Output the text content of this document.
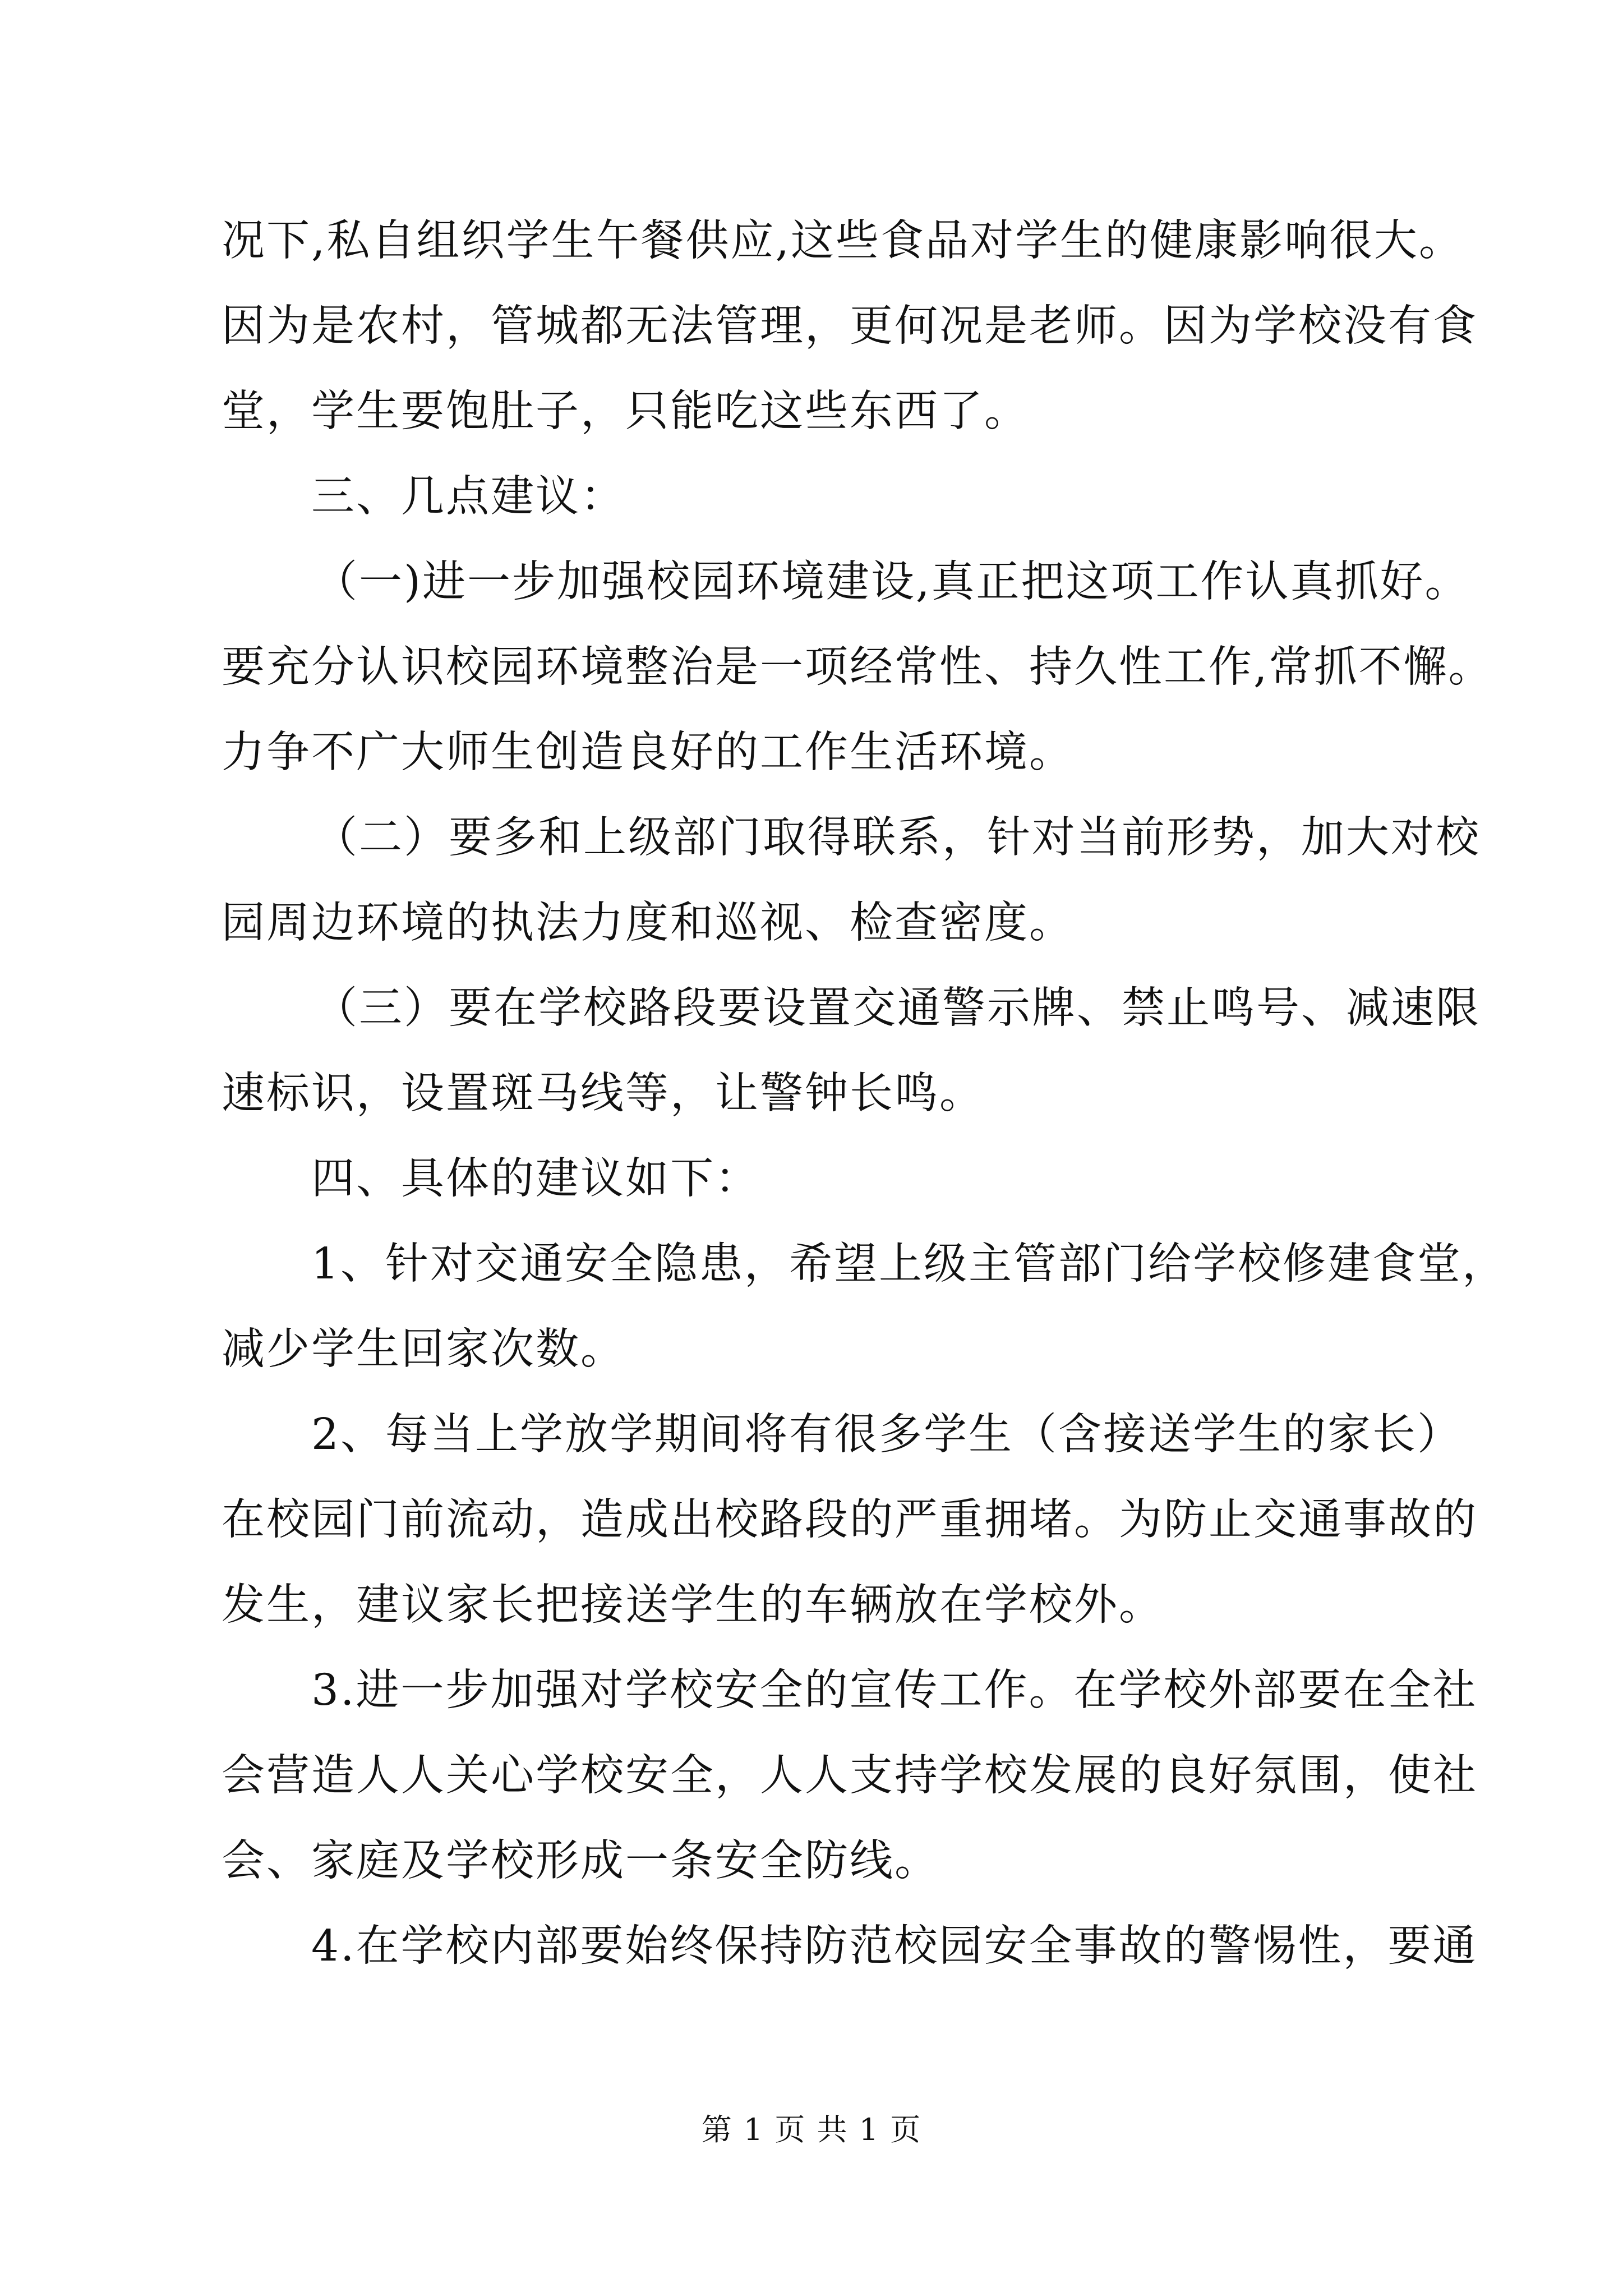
况下,私自组织学生午餐供应,这些食品对学生的健康影响很大。
因为是农村，管城都无法管理，更何况是老师。因为学校没有食
堂，学生要饱肚子，只能吃这些东西了。
三、几点建议：
（一)进一步加强校园环境建设,真正把这项工作认真抓好。
要充分认识校园环境整治是一项经常性、持久性工作,常抓不懈。
力争不广大师生创造良好的工作生活环境。
（二）要多和上级部门取得联系，针对当前形势，加大对校
园周边环境的执法力度和巡视、检查密度。
（三）要在学校路段要设置交通警示牌、禁止鸣号、减速限
速标识，设置斑马线等，让警钟长鸣。
四、具体的建议如下：
1、针对交通安全隐患，希望上级主管部门给学校修建食堂，
减少学生回家次数。
2、每当上学放学期间将有很多学生（含接送学生的家长）
在校园门前流动，造成出校路段的严重拥堵。为防止交通事故的
发生，建议家长把接送学生的车辆放在学校外。
3.进一步加强对学校安全的宣传工作。在学校外部要在全社
会营造人人关心学校安全，人人支持学校发展的良好氛围，使社
会、家庭及学校形成一条安全防线。
4.在学校内部要始终保持防范校园安全事故的警惕性，要通
第 1 页 共 1 页
